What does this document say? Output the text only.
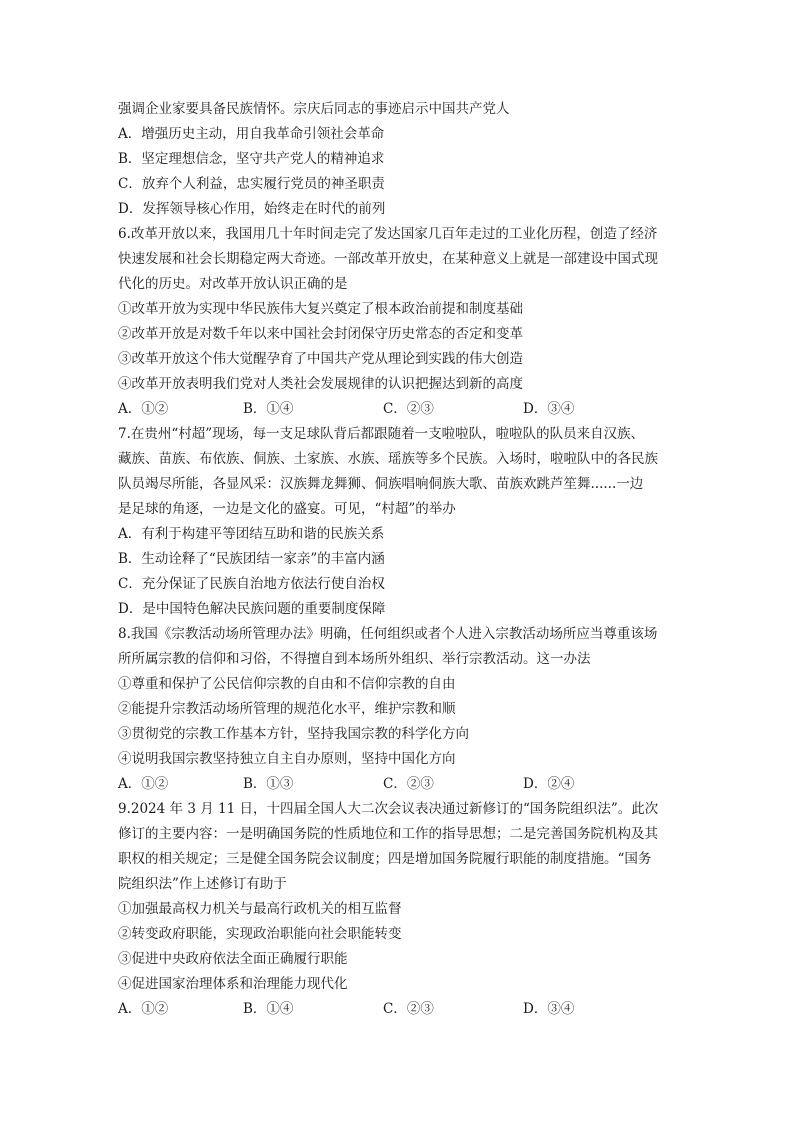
强调企业家要具备民族情怀。宗庆后同志的事迹启示中国共产党人
A．增强历史主动，用自我革命引领社会革命
B．坚定理想信念，坚守共产党人的精神追求
C．放弃个人利益，忠实履行党员的神圣职责
D．发挥领导核心作用，始终走在时代的前列
6.改革开放以来，我国用几十年时间走完了发达国家几百年走过的工业化历程，创造了经济
快速发展和社会长期稳定两大奇迹。一部改革开放史，在某种意义上就是一部建设中国式现
代化的历史。对改革开放认识正确的是
①改革开放为实现中华民族伟大复兴奠定了根本政治前提和制度基础
②改革开放是对数千年以来中国社会封闭保守历史常态的否定和变革
③改革开放这个伟大觉醒孕育了中国共产党从理论到实践的伟大创造
④改革开放表明我们党对人类社会发展规律的认识把握达到新的高度
A．①②	B．①④	C．②③	D．③④
7.在贵州“村超”现场，每一支足球队背后都跟随着一支啦啦队，啦啦队的队员来自汉族、
藏族、苗族、布依族、侗族、土家族、水族、瑶族等多个民族。入场时，啦啦队中的各民族
队员竭尽所能，各显风采：汉族舞龙舞狮、侗族唱响侗族大歌、苗族欢跳芦笙舞......一边
是足球的角逐，一边是文化的盛宴。可见，“村超”的举办
A．有利于构建平等团结互助和谐的民族关系
B．生动诠释了“民族团结一家亲”的丰富内涵
C．充分保证了民族自治地方依法行使自治权
D．是中国特色解决民族问题的重要制度保障
8.我国《宗教活动场所管理办法》明确，任何组织或者个人进入宗教活动场所应当尊重该场
所所属宗教的信仰和习俗，不得擅自到本场所外组织、举行宗教活动。这一办法
①尊重和保护了公民信仰宗教的自由和不信仰宗教的自由
②能提升宗教活动场所管理的规范化水平，维护宗教和顺
③贯彻党的宗教工作基本方针，坚持我国宗教的科学化方向
④说明我国宗教坚持独立自主自办原则，坚持中国化方向
A．①②	B．①③	C．②③	D．②④
9.2024 年 3 月 11 日，十四届全国人大二次会议表决通过新修订的“国务院组织法”。此次
修订的主要内容：一是明确国务院的性质地位和工作的指导思想；二是完善国务院机构及其
职权的相关规定；三是健全国务院会议制度；四是增加国务院履行职能的制度措施。“国务
院组织法”作上述修订有助于
①加强最高权力机关与最高行政机关的相互监督
②转变政府职能，实现政治职能向社会职能转变
③促进中央政府依法全面正确履行职能
④促进国家治理体系和治理能力现代化
A．①②	B．①④	C．②③	D．③④
